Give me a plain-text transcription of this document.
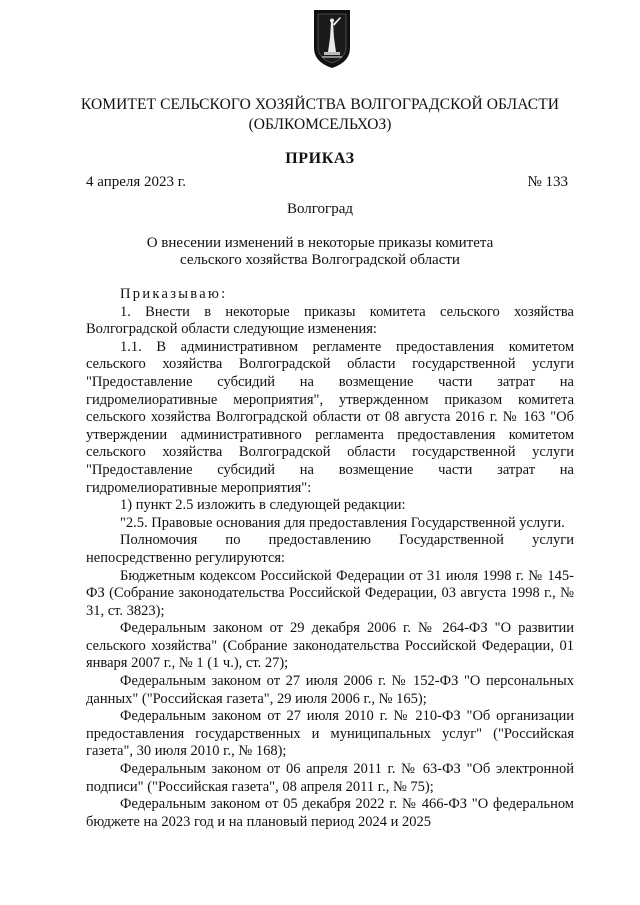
КОМИТЕТ СЕЛЬСКОГО ХОЗЯЙСТВА ВОЛГОГРАДСКОЙ ОБЛАСТИ
(ОБЛКОМСЕЛЬХОЗ)
ПРИКАЗ
4 апреля 2023 г.	№ 133
Волгоград
О внесении изменений в некоторые приказы комитета
сельского хозяйства Волгоградской области

Приказываю:

1. Внести в некоторые приказы комитета сельского хозяйства Волгоградской области следующие изменения:

1.1. В административном регламенте предоставления комитетом сельского хозяйства Волгоградской области государственной услуги "Предоставление субсидий на возмещение части затрат на гидромелиоративные мероприятия", утвержденном приказом комитета сельского хозяйства Волгоградской области от 08 августа 2016 г. № 163 "Об утверждении административного регламента предоставления комитетом сельского хозяйства Волгоградской области государственной услуги "Предоставление субсидий на возмещение части затрат на гидромелиоративные мероприятия":

1) пункт 2.5 изложить в следующей редакции:

"2.5. Правовые основания для предоставления Государственной услуги.

Полномочия по предоставлению Государственной услуги непосредственно регулируются:

Бюджетным кодексом Российской Федерации от 31 июля 1998 г. № 145-ФЗ (Собрание законодательства Российской Федерации, 03 августа 1998 г., № 31, ст. 3823);

Федеральным законом от 29 декабря 2006 г. № 264-ФЗ "О развитии сельского хозяйства" (Собрание законодательства Российской Федерации, 01 января 2007 г., № 1 (1 ч.), ст. 27);

Федеральным законом от 27 июля 2006 г. № 152-ФЗ "О персональных данных" ("Российская газета", 29 июля 2006 г., № 165);

Федеральным законом от 27 июля 2010 г. № 210-ФЗ "Об организации предоставления государственных и муниципальных услуг" ("Российская газета", 30 июля 2010 г., № 168);

Федеральным законом от 06 апреля 2011 г. № 63-ФЗ "Об электронной подписи" ("Российская газета", 08 апреля 2011 г., № 75);

Федеральным законом от 05 декабря 2022 г. № 466-ФЗ "О федеральном бюджете на 2023 год и на плановый период 2024 и 2025
